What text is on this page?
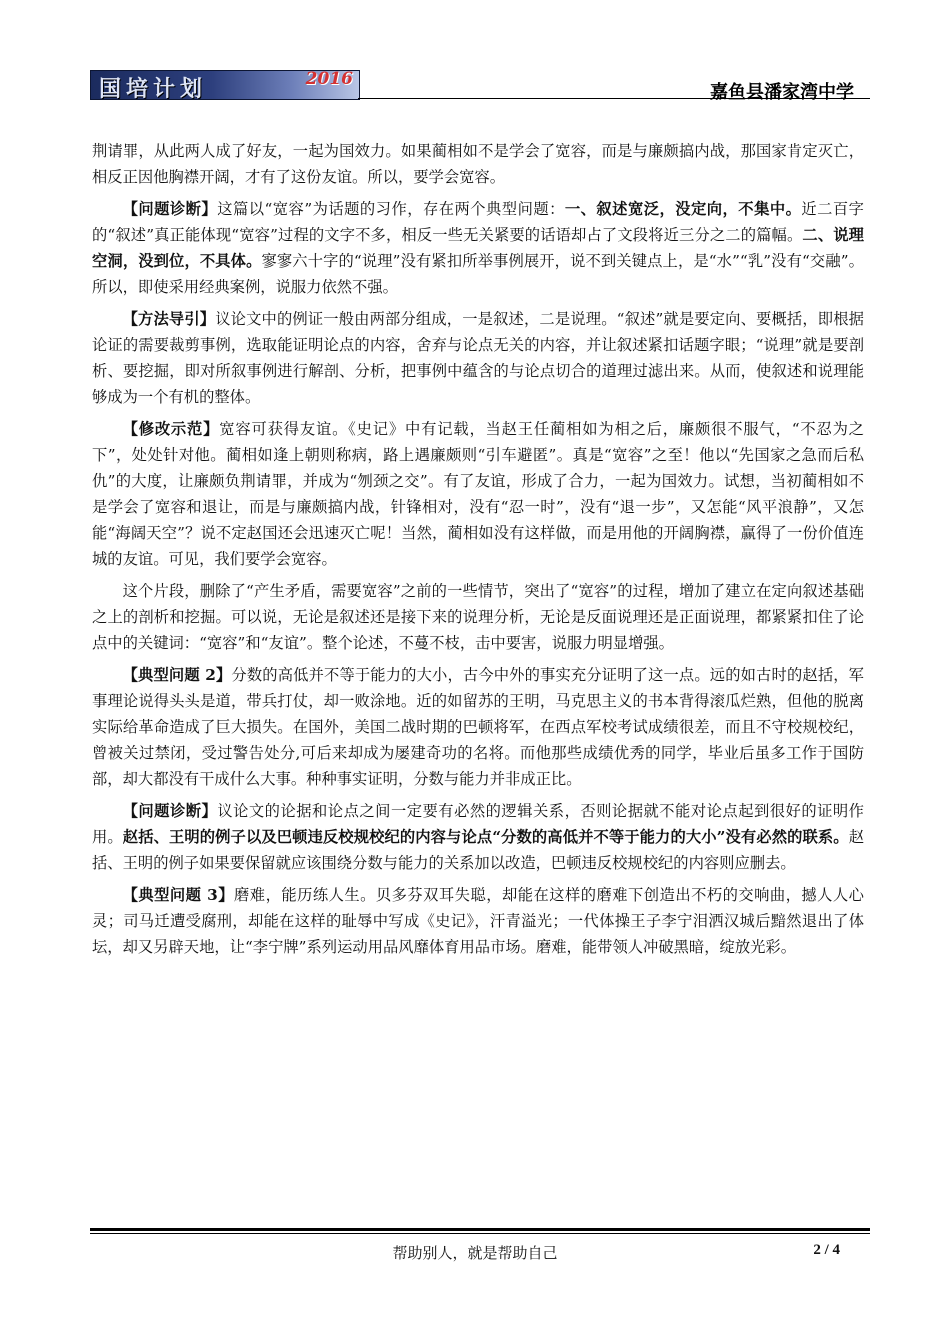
国培计划	2016
嘉鱼县潘家湾中学

荆请罪，从此两人成了好友，一起为国效力。如果蔺相如不是学会了宽容，而是与廉颇搞内战，那国家肯定灭亡，相反正因他胸襟开阔，才有了这份友谊。所以，要学会宽容。

【问题诊断】这篇以“宽容”为话题的习作，存在两个典型问题：一、叙述宽泛，没定向，不集中。近二百字的“叙述”真正能体现“宽容”过程的文字不多，相反一些无关紧要的话语却占了文段将近三分之二的篇幅。二、说理空洞，没到位，不具体。寥寥六十字的“说理”没有紧扣所举事例展开，说不到关键点上，是“水”“乳”没有“交融”。所以，即使采用经典案例，说服力依然不强。

【方法导引】议论文中的例证一般由两部分组成，一是叙述，二是说理。“叙述”就是要定向、要概括，即根据论证的需要裁剪事例，选取能证明论点的内容，舍弃与论点无关的内容，并让叙述紧扣话题字眼；“说理”就是要剖析、要挖掘，即对所叙事例进行解剖、分析，把事例中蕴含的与论点切合的道理过滤出来。从而，使叙述和说理能够成为一个有机的整体。

【修改示范】宽容可获得友谊。《史记》中有记载，当赵王任蔺相如为相之后，廉颇很不服气，“不忍为之下”，处处针对他。蔺相如逢上朝则称病，路上遇廉颇则“引车避匿”。真是“宽容”之至！他以“先国家之急而后私仇”的大度，让廉颇负荆请罪，并成为“刎颈之交”。有了友谊，形成了合力，一起为国效力。试想，当初蔺相如不是学会了宽容和退让，而是与廉颇搞内战，针锋相对，没有“忍一时”，没有“退一步”，又怎能“风平浪静”，又怎能“海阔天空”？说不定赵国还会迅速灭亡呢！当然，蔺相如没有这样做，而是用他的开阔胸襟，赢得了一份价值连城的友谊。可见，我们要学会宽容。

这个片段，删除了“产生矛盾，需要宽容”之前的一些情节，突出了“宽容”的过程，增加了建立在定向叙述基础之上的剖析和挖掘。可以说，无论是叙述还是接下来的说理分析，无论是反面说理还是正面说理，都紧紧扣住了论点中的关键词：“宽容”和“友谊”。整个论述，不蔓不枝，击中要害，说服力明显增强。

【典型问题 2】分数的高低并不等于能力的大小，古今中外的事实充分证明了这一点。远的如古时的赵括，军事理论说得头头是道，带兵打仗，却一败涂地。近的如留苏的王明，马克思主义的书本背得滚瓜烂熟，但他的脱离实际给革命造成了巨大损失。在国外，美国二战时期的巴顿将军，在西点军校考试成绩很差，而且不守校规校纪，曾被关过禁闭，受过警告处分,可后来却成为屡建奇功的名将。而他那些成绩优秀的同学，毕业后虽多工作于国防部，却大都没有干成什么大事。种种事实证明，分数与能力并非成正比。

【问题诊断】议论文的论据和论点之间一定要有必然的逻辑关系，否则论据就不能对论点起到很好的证明作用。赵括、王明的例子以及巴顿违反校规校纪的内容与论点“分数的高低并不等于能力的大小”没有必然的联系。赵括、王明的例子如果要保留就应该围绕分数与能力的关系加以改造，巴顿违反校规校纪的内容则应删去。

【典型问题 3】磨难，能历练人生。贝多芬双耳失聪，却能在这样的磨难下创造出不朽的交响曲，撼人人心灵；司马迁遭受腐刑，却能在这样的耻辱中写成《史记》，汗青溢光；一代体操王子李宁泪洒汉城后黯然退出了体坛，却又另辟天地，让“李宁牌”系列运动用品风靡体育用品市场。磨难，能带领人冲破黑暗，绽放光彩。

帮助别人，就是帮助自己	2 / 4
